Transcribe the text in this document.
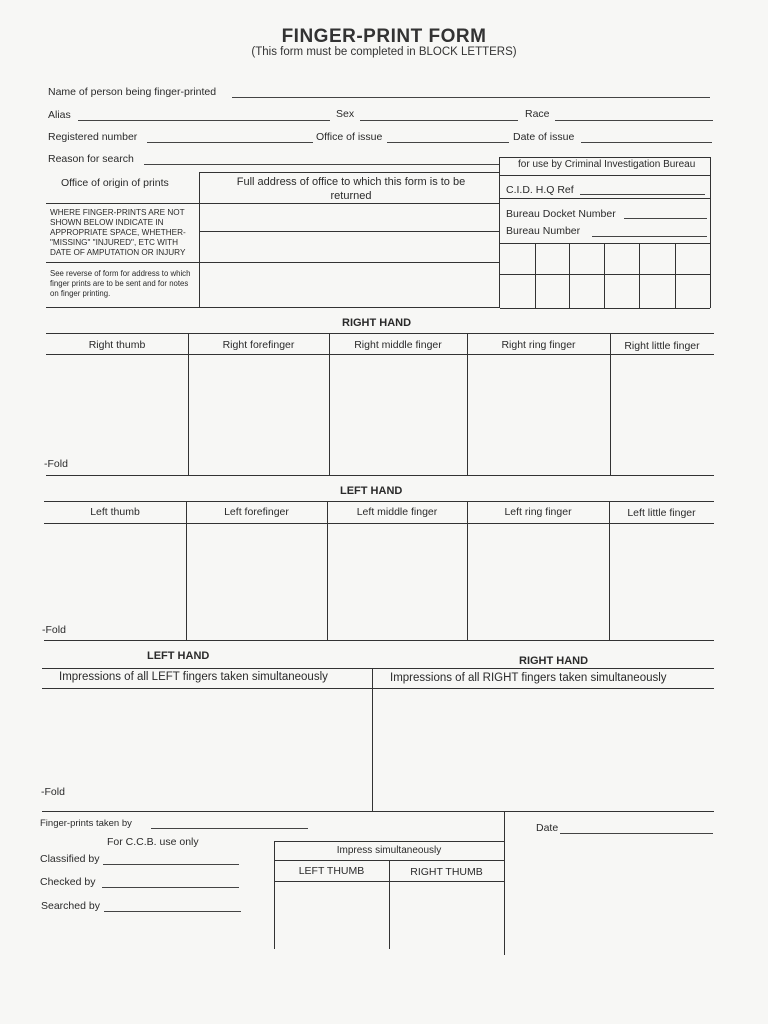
FINGER-PRINT FORM
(This form must be completed in BLOCK LETTERS)
Name of person being finger-printed
Alias	Sex	Race
Registered number	Office of issue	Date of issue
Reason for search
Office of origin of prints	Full address of office to which this form is to be returned
WHERE FINGER-PRINTS ARE NOT SHOWN BELOW INDICATE IN APPROPRIATE SPACE, WHETHER- "MISSING" "INJURED", ETC WITH DATE OF AMPUTATION OR INJURY
See reverse of form for address to which finger prints are to be sent and for notes on finger printing.
for use by Criminal Investigation Bureau
C.I.D. H.Q Ref
Bureau Docket Number
Bureau Number
RIGHT HAND
Right thumb	Right forefinger	Right middle finger	Right ring finger	Right little finger
-Fold
LEFT HAND
Left thumb	Left forefinger	Left middle finger	Left ring finger	Left little finger
-Fold
LEFT HAND	RIGHT HAND
Impressions of all LEFT fingers taken simultaneously	Impressions of all RIGHT fingers taken simultaneously
-Fold
Finger-prints taken by	Date
For C.C.B. use only
Classified by
Checked by
Searched by
Impress simultaneously
LEFT THUMB	RIGHT THUMB
